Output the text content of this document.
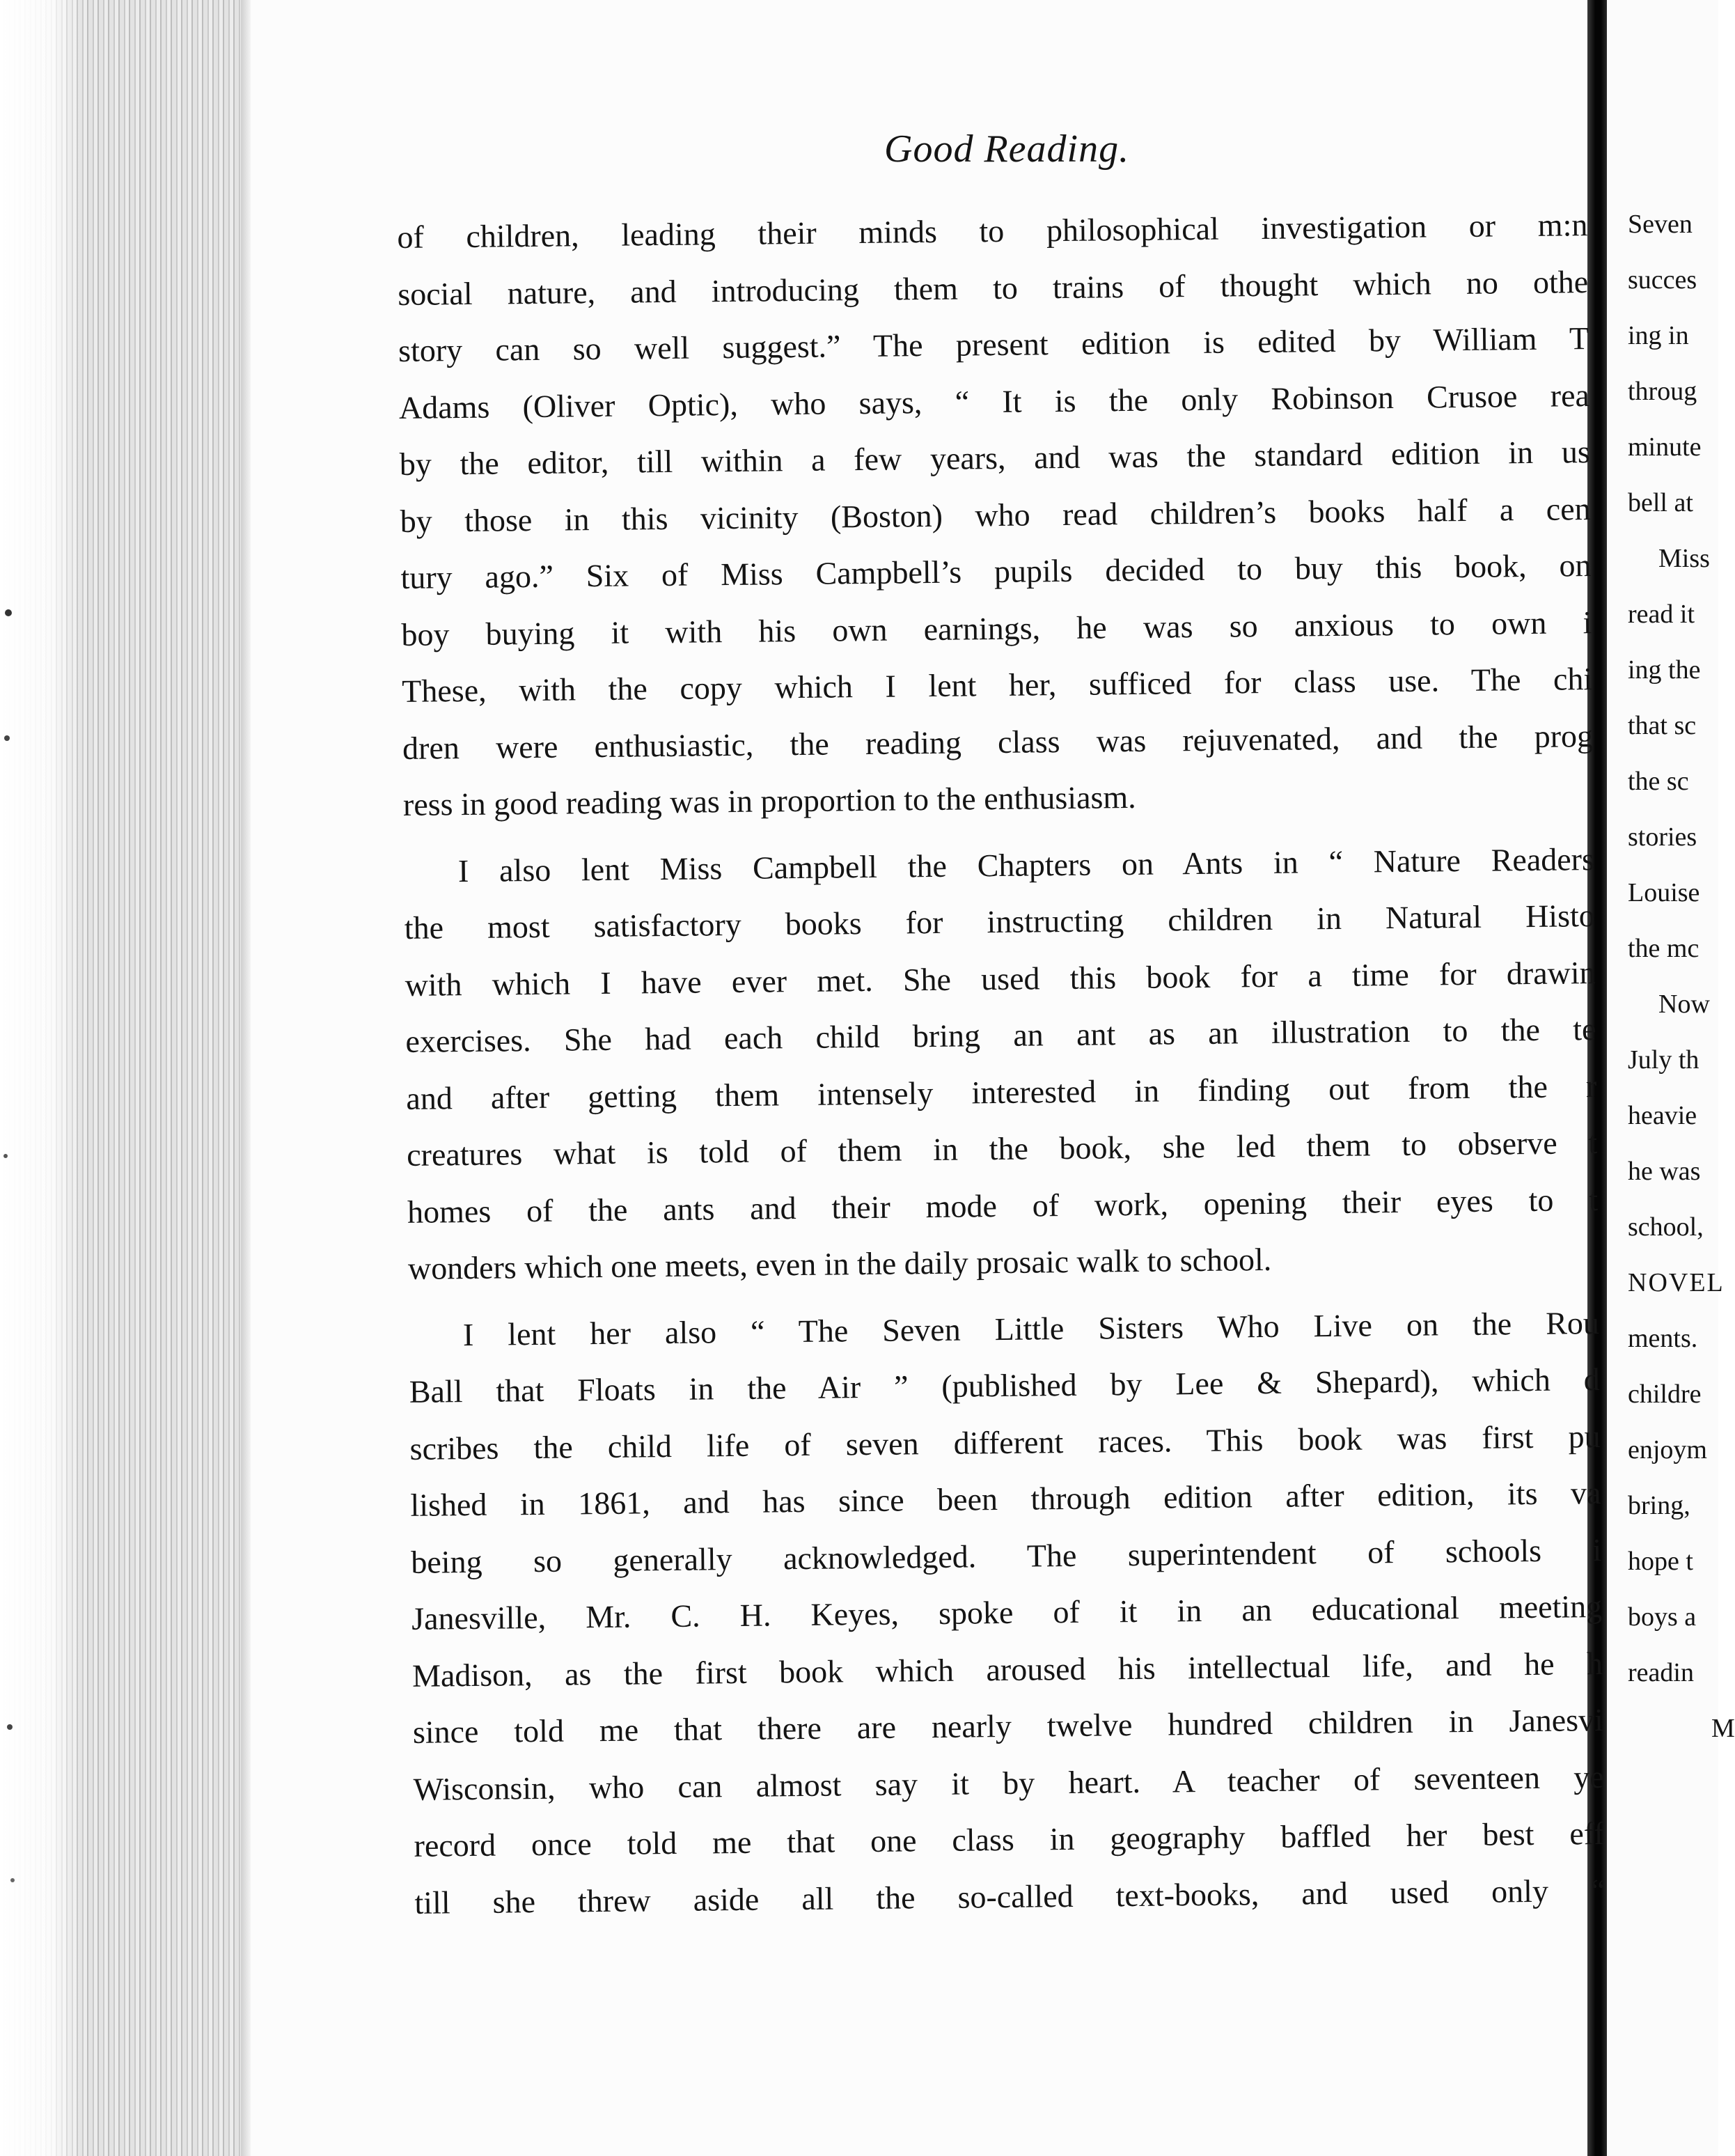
Seven
succes
ing in
throug
minute
bell at
Miss
read it
ing the
that sc
the sc
stories
Louise
the mc
Now
July th
heavie
he was
school,
NOVEL
ments.
childre
enjoym
bring,
hope t
boys a
readin
M
Good Reading.
of children, leading their minds to philosophical investigation or m:n
social nature, and introducing them to trains of thought which no othe
story can so well suggest.” The present edition is edited by William T
Adams (Oliver Optic), who says, “ It is the only Robinson Crusoe rea
by the editor, till within a few years, and was the standard edition in us
by those in this vicinity (Boston) who read children’s books half a cen
tury ago.” Six of Miss Campbell’s pupils decided to buy this book, on
boy buying it with his own earnings, he was so anxious to own i
These, with the copy which I lent her, sufficed for class use. The chi
dren were enthusiastic, the reading class was rejuvenated, and the prog
ress in good reading was in proportion to the enthusiasm.
I also lent Miss Campbell the Chapters on Ants in “ Nature Readers
the most satisfactory books for instructing children in Natural Histo
with which I have ever met. She used this book for a time for drawin
exercises. She had each child bring an ant as an illustration to the te
and after getting them intensely interested in finding out from the r
creatures what is told of them in the book, she led them to observe t
homes of the ants and their mode of work, opening their eyes to t
wonders which one meets, even in the daily prosaic walk to school.
I lent her also “ The Seven Little Sisters Who Live on the Rou
Ball that Floats in the Air ” (published by Lee & Shepard), which d
scribes the child life of seven different races. This book was first pu
lished in 1861, and has since been through edition after edition, its va
being so generally acknowledged. The superintendent of schools i
Janesville, Mr. C. H. Keyes, spoke of it in an educational meeting
Madison, as the first book which aroused his intellectual life, and he h
since told me that there are nearly twelve hundred children in Janesvi
Wisconsin, who can almost say it by heart. A teacher of seventeen ye
record once told me that one class in geography baffled her best eff
till she threw aside all the so-called text-books, and used only “
